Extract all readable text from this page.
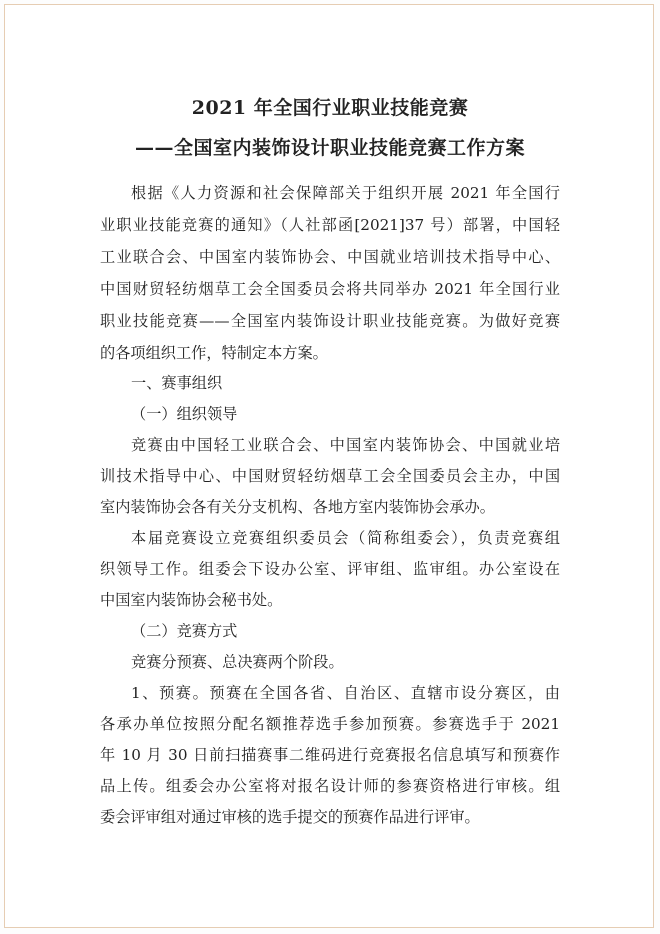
2021 年全国行业职业技能竞赛
——全国室内装饰设计职业技能竞赛工作方案
根据《人力资源和社会保障部关于组织开展 2021 年全国行
业职业技能竞赛的通知》（人社部函[2021]37 号）部署，中国轻
工业联合会、中国室内装饰协会、中国就业培训技术指导中心、
中国财贸轻纺烟草工会全国委员会将共同举办 2021 年全国行业
职业技能竞赛——全国室内装饰设计职业技能竞赛。为做好竞赛
的各项组织工作，特制定本方案。
一、赛事组织
（一）组织领导
竞赛由中国轻工业联合会、中国室内装饰协会、中国就业培
训技术指导中心、中国财贸轻纺烟草工会全国委员会主办，中国
室内装饰协会各有关分支机构、各地方室内装饰协会承办。
本届竞赛设立竞赛组织委员会（简称组委会），负责竞赛组
织领导工作。组委会下设办公室、评审组、监审组。办公室设在
中国室内装饰协会秘书处。
（二）竞赛方式
竞赛分预赛、总决赛两个阶段。
1、预赛。预赛在全国各省、自治区、直辖市设分赛区，由
各承办单位按照分配名额推荐选手参加预赛。参赛选手于 2021
年 10 月 30 日前扫描赛事二维码进行竞赛报名信息填写和预赛作
品上传。组委会办公室将对报名设计师的参赛资格进行审核。组
委会评审组对通过审核的选手提交的预赛作品进行评审。
